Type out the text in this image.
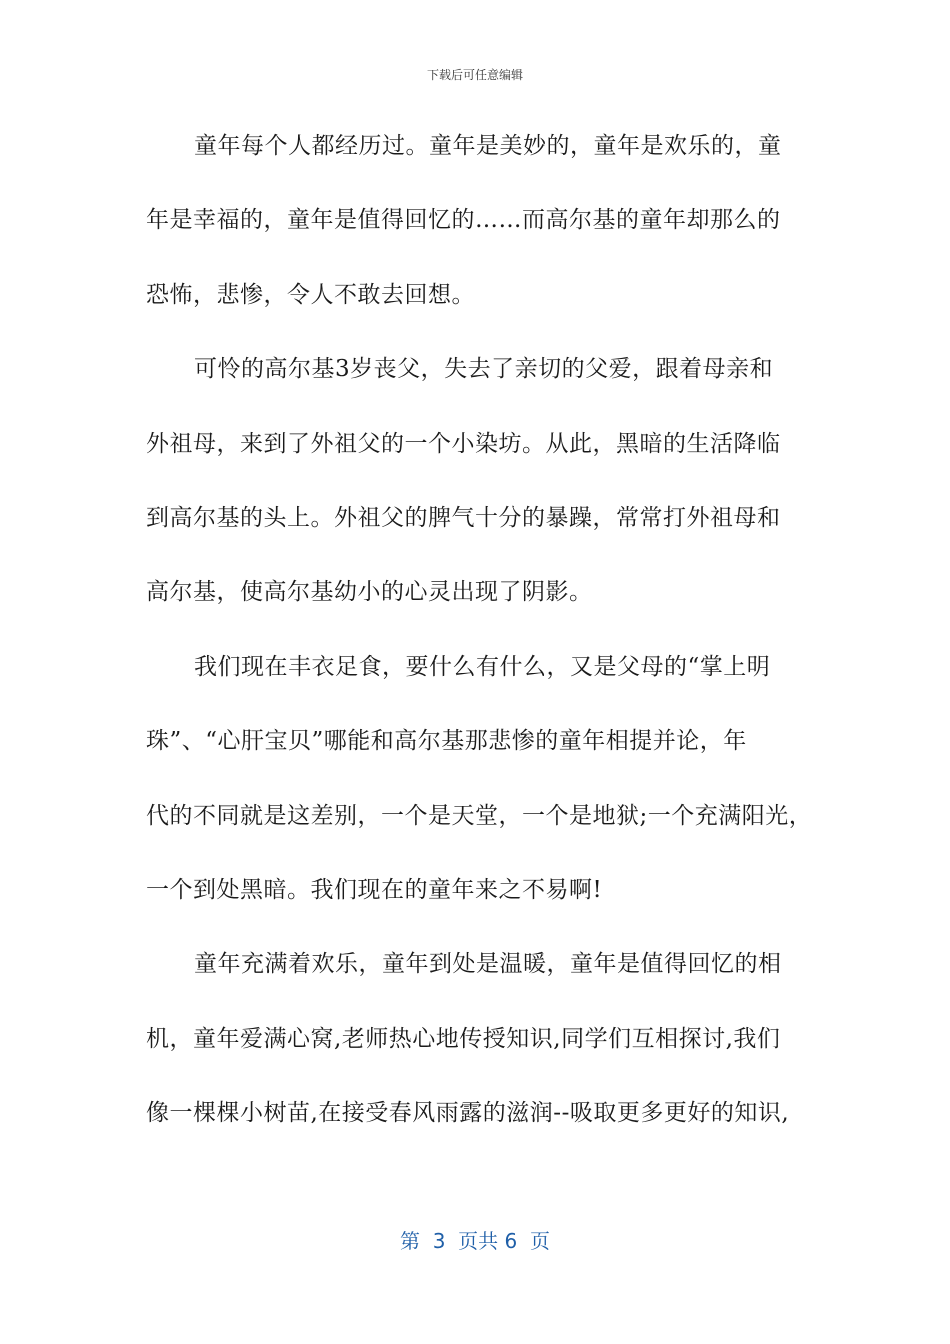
下载后可任意编辑
童年每个人都经历过。童年是美妙的，童年是欢乐的，童
年是幸福的，童年是值得回忆的……而高尔基的童年却那么的
恐怖，悲惨，令人不敢去回想。
可怜的高尔基3岁丧父，失去了亲切的父爱，跟着母亲和
外祖母，来到了外祖父的一个小染坊。从此，黑暗的生活降临
到高尔基的头上。外祖父的脾气十分的暴躁，常常打外祖母和
高尔基，使高尔基幼小的心灵出现了阴影。
我们现在丰衣足食，要什么有什么，又是父母的“掌上明
珠”、“心肝宝贝”哪能和高尔基那悲惨的童年相提并论，年
代的不同就是这差别，一个是天堂，一个是地狱;一个充满阳光，
一个到处黑暗。我们现在的童年来之不易啊!
童年充满着欢乐，童年到处是温暖，童年是值得回忆的相
机，童年爱满心窝,老师热心地传授知识,同学们互相探讨,我们
像一棵棵小树苗,在接受春风雨露的滋润--吸取更多更好的知识,
第  3  页共 6  页
